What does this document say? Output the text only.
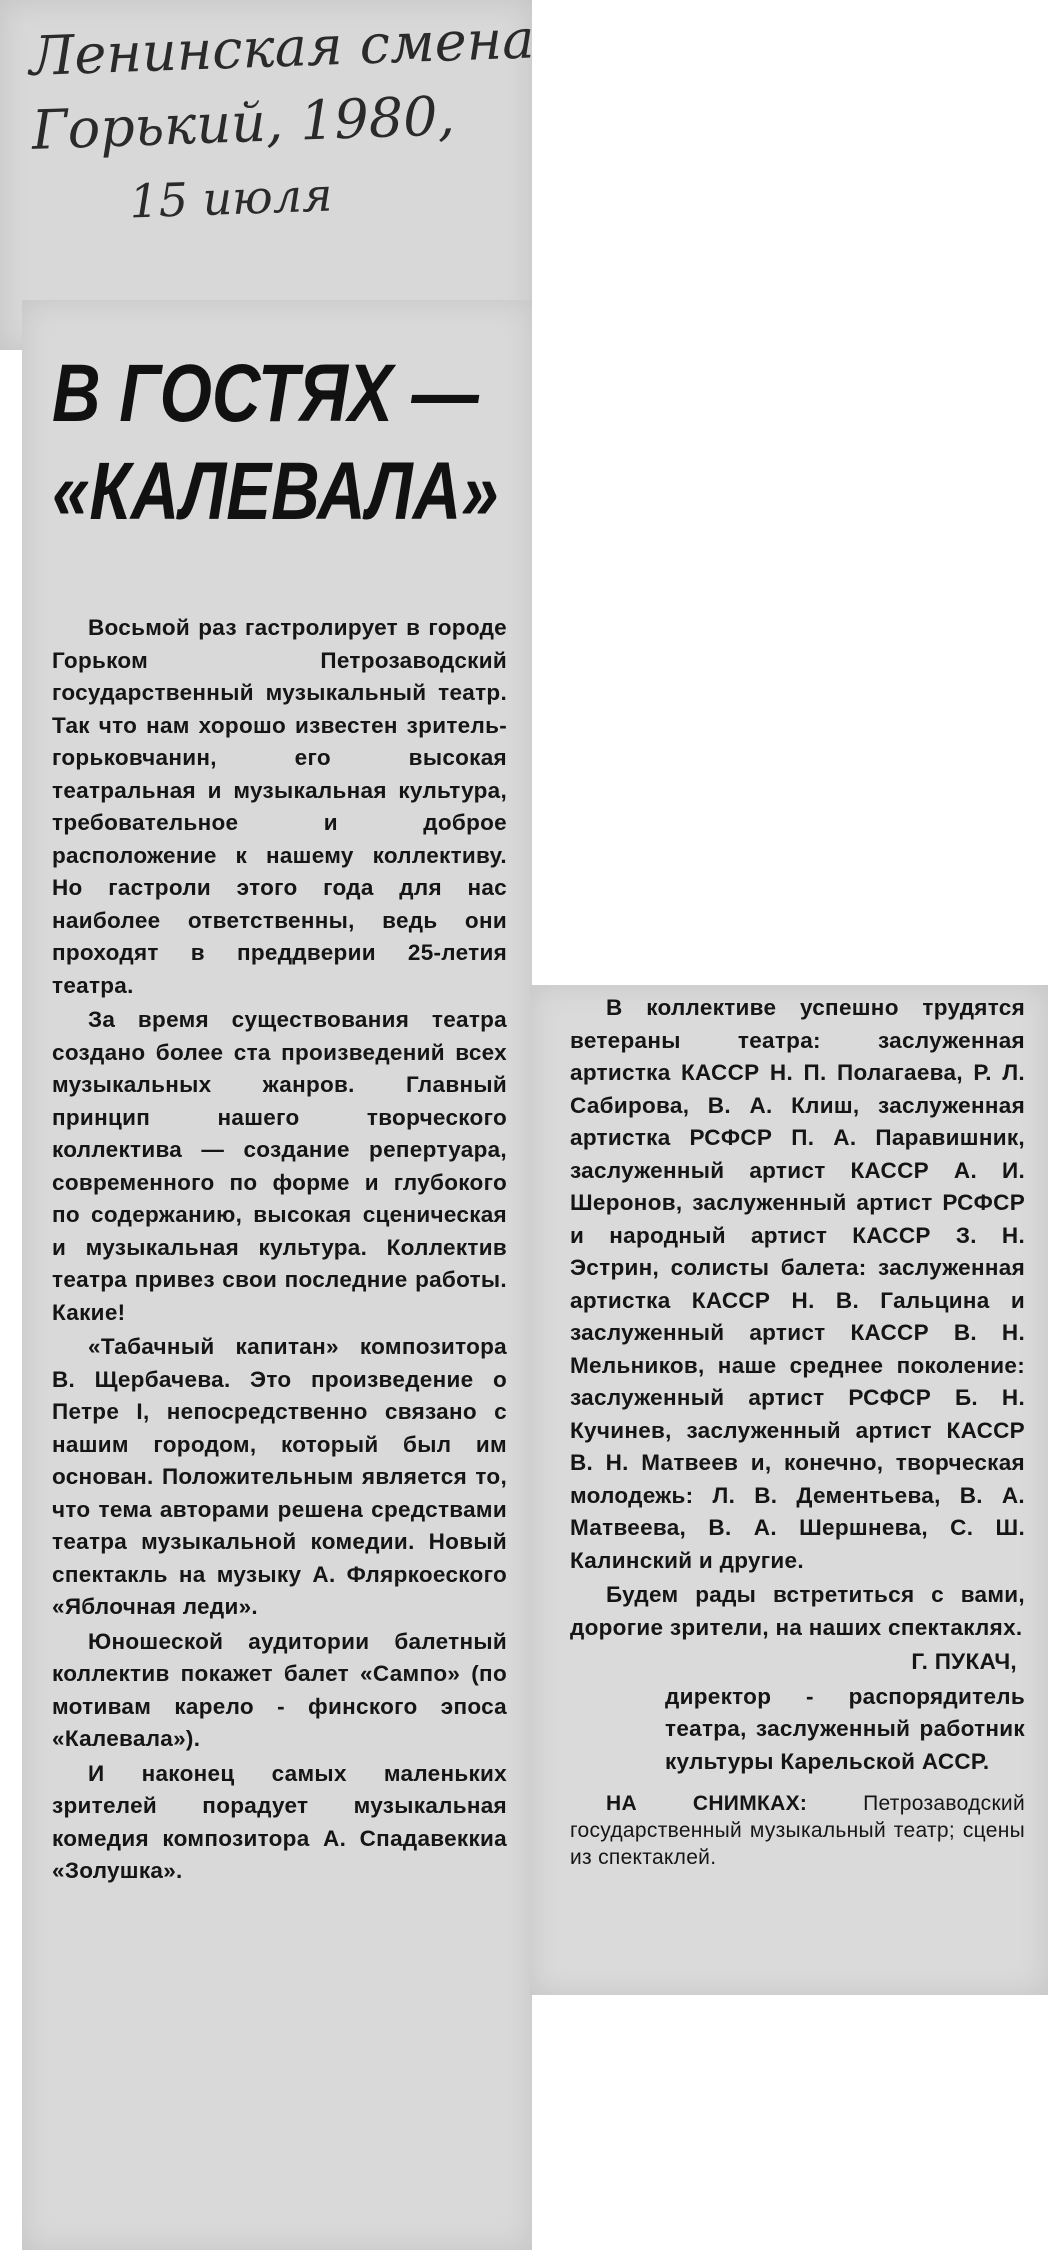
Ленинская смена
Горький, 1980,
15 июля
В ГОСТЯХ —
«КАЛЕВАЛА»

Восьмой раз гастролирует в городе Горьком Петрозаводский государственный музыкальный театр. Так что нам хорошо известен зритель-горьковчанин, его высокая театральная и музыкальная культура, требовательное и доброе расположение к нашему коллективу. Но гастроли этого года для нас наиболее ответственны, ведь они проходят в преддверии 25-летия театра.

За время существования театра создано более ста произведений всех музыкальных жанров. Главный принцип нашего творческого коллектива — создание репертуара, современного по форме и глубокого по содержанию, высокая сценическая и музыкальная культура. Коллектив театра привез свои последние работы. Какие!

«Табачный капитан» композитора В. Щербачева. Это произведение о Петре I, непосредственно связано с нашим городом, который был им основан. Положительным является то, что тема авторами решена средствами театра музыкальной комедии. Новый спектакль на музыку А. Фляркоеского «Яблочная леди».

Юношеской аудитории балетный коллектив покажет балет «Сампо» (по мотивам карело - финского эпоса «Калевала»).

И наконец самых маленьких зрителей порадует музыкальная комедия композитора А. Спадавеккиа «Золушка».

В коллективе успешно трудятся ветераны театра: заслуженная артистка КАССР Н. П. Полагаева, Р. Л. Сабирова, В. А. Клиш, заслуженная артистка РСФСР П. А. Паравишник, заслуженный артист КАССР А. И. Шеронов, заслуженный артист РСФСР и народный артист КАССР З. Н. Эстрин, солисты балета: заслуженная артистка КАССР Н. В. Гальцина и заслуженный артист КАССР В. Н. Мельников, наше среднее поколение: заслуженный артист РСФСР Б. Н. Кучинев, заслуженный артист КАССР В. Н. Матвеев и, конечно, творческая молодежь: Л. В. Дементьева, В. А. Матвеева, В. А. Шершнева, С. Ш. Калинский и другие.

Будем рады встретиться с вами, дорогие зрители, на наших спектаклях.

Г. ПУКАЧ,

директор - распорядитель театра, заслуженный работник культуры Карельской АССР.

НА СНИМКАХ:	Петрозаводский государственный музыкальный театр; сцены из спектаклей.
